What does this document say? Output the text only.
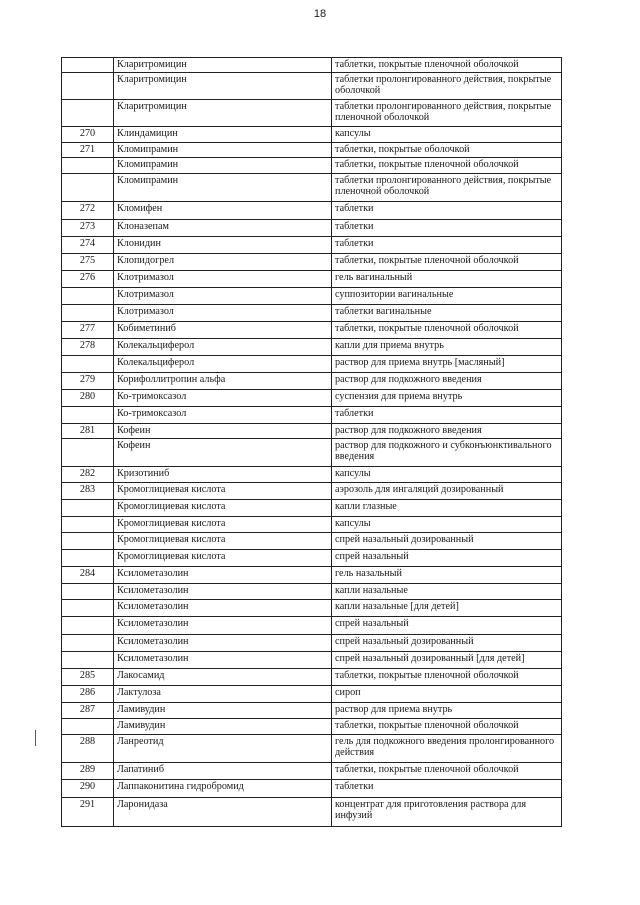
18
	Кларитромицин	таблетки, покрытые пленочной оболочкой
	Кларитромицин	таблетки пролонгированного действия, покрытые оболочкой
	Кларитромицин	таблетки пролонгированного действия, покрытые пленочной оболочкой
270	Клиндамицин	капсулы
271	Кломипрамин	таблетки, покрытые оболочкой
	Кломипрамин	таблетки, покрытые пленочной оболочкой
	Кломипрамин	таблетки пролонгированного действия, покрытые пленочной оболочкой
272	Кломифен	таблетки
273	Клоназепам	таблетки
274	Клонидин	таблетки
275	Клопидогрел	таблетки, покрытые пленочной оболочкой
276	Клотримазол	гель вагинальный
	Клотримазол	суппозитории вагинальные
	Клотримазол	таблетки вагинальные
277	Кобиметиниб	таблетки, покрытые пленочной оболочкой
278	Колекальциферол	капли для приема внутрь
	Колекальциферол	раствор для приема внутрь [масляный]
279	Корифоллитропин альфа	раствор для подкожного введения
280	Ко-тримоксазол	суспензия для приема внутрь
	Ко-тримоксазол	таблетки
281	Кофеин	раствор для подкожного введения
	Кофеин	раствор для подкожного и субконъюнктивального введения
282	Кризотиниб	капсулы
283	Кромоглициевая кислота	аэрозоль для ингаляций дозированный
	Кромоглициевая кислота	капли глазные
	Кромоглициевая кислота	капсулы
	Кромоглициевая кислота	спрей назальный дозированный
	Кромоглициевая кислота	спрей назальный
284	Ксилометазолин	гель назальный
	Ксилометазолин	капли назальные
	Ксилометазолин	капли назальные [для детей]
	Ксилометазолин	спрей назальный
	Ксилометазолин	спрей назальный дозированный
	Ксилометазолин	спрей назальный дозированный [для детей]
285	Лакосамид	таблетки, покрытые пленочной оболочкой
286	Лактулоза	сироп
287	Ламивудин	раствор для приема внутрь
	Ламивудин	таблетки, покрытые пленочной оболочкой
288	Ланреотид	гель для подкожного введения пролонгированного действия
289	Лапатиниб	таблетки, покрытые пленочной оболочкой
290	Лаппаконитина гидробромид	таблетки
291	Ларонидаза	концентрат для приготовления раствора для инфузий
